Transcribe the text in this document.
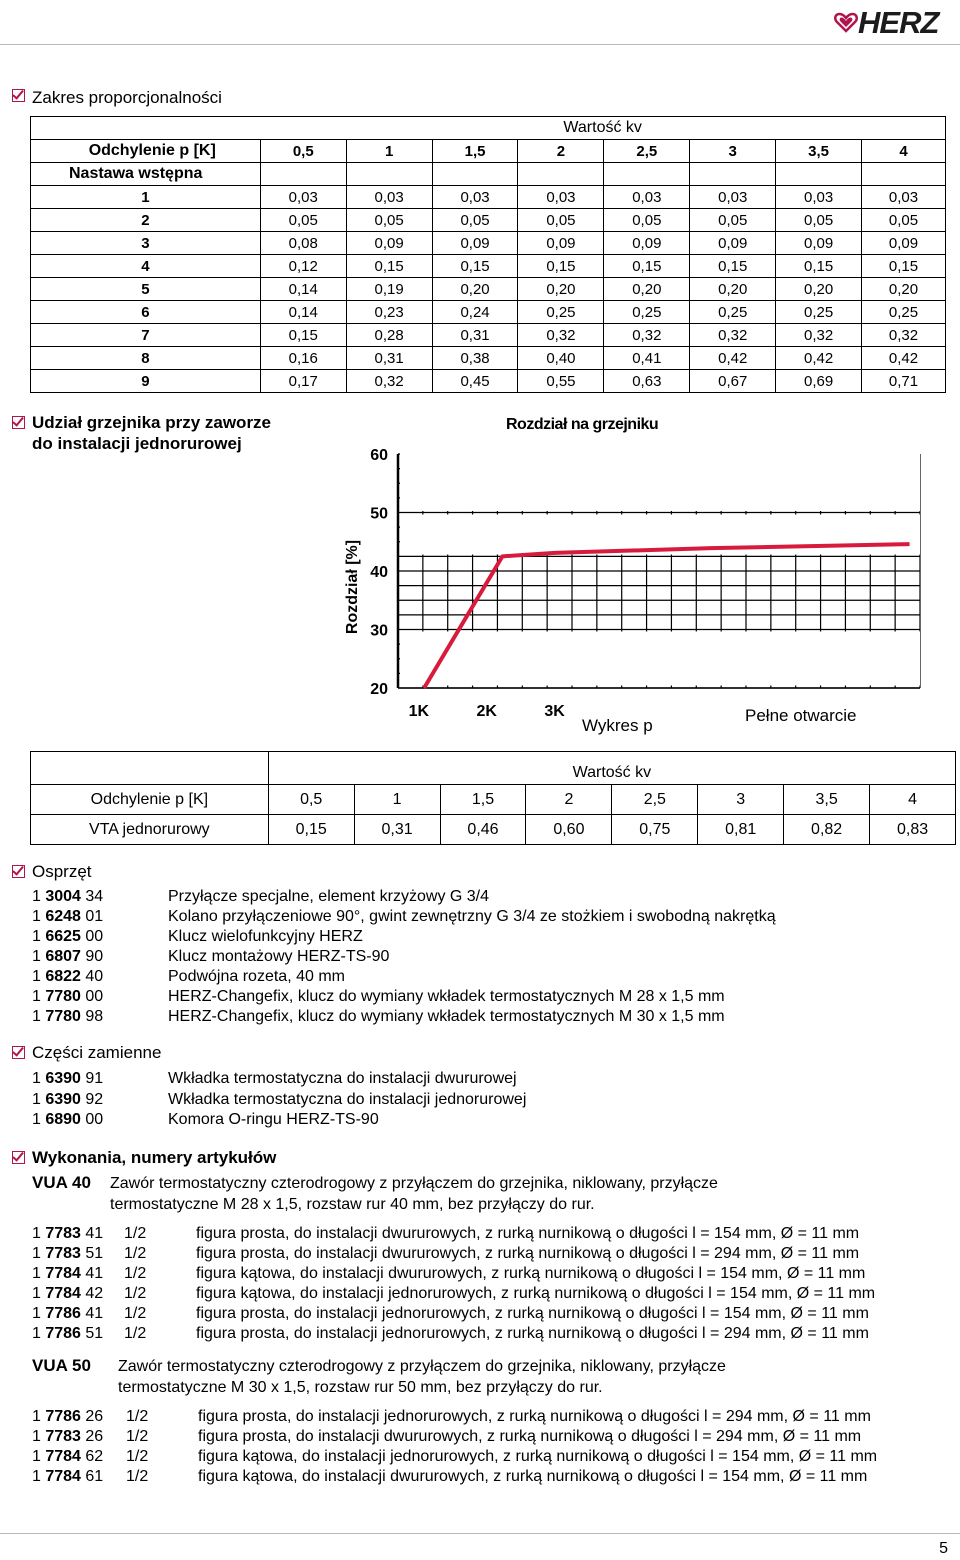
HERZ
Zakres proporcjonalności
	Wartość kv							
Odchylenie p [K]	0,5	1	1,5	2	2,5	3	3,5	4
Nastawa wstępna								
1	0,03	0,03	0,03	0,03	0,03	0,03	0,03	0,03
2	0,05	0,05	0,05	0,05	0,05	0,05	0,05	0,05
3	0,08	0,09	0,09	0,09	0,09	0,09	0,09	0,09
4	0,12	0,15	0,15	0,15	0,15	0,15	0,15	0,15
5	0,14	0,19	0,20	0,20	0,20	0,20	0,20	0,20
6	0,14	0,23	0,24	0,25	0,25	0,25	0,25	0,25
7	0,15	0,28	0,31	0,32	0,32	0,32	0,32	0,32
8	0,16	0,31	0,38	0,40	0,41	0,42	0,42	0,42
9	0,17	0,32	0,45	0,55	0,63	0,67	0,69	0,71
Udział grzejnika przy zaworze
do instalacji jednorurowej
Rozdział na grzejniku
60
50
40
30
20
1K	2K	3K
Rozdział [%]
Wykres p
Pełne otwarcie
	Wartość kv							
Odchylenie p [K]	0,5	1	1,5	2	2,5	3	3,5	4
VTA jednorurowy	0,15	0,31	0,46	0,60	0,75	0,81	0,82	0,83
Osprzęt
1 3004 34	Przyłącze specjalne, element krzyżowy G 3/4
1 6248 01	Kolano przyłączeniowe 90°, gwint zewnętrzny G 3/4 ze stożkiem i swobodną nakrętką
1 6625 00	Klucz wielofunkcyjny HERZ
1 6807 90	Klucz montażowy HERZ-TS-90
1 6822 40	Podwójna rozeta, 40 mm
1 7780 00	HERZ-Changefix, klucz do wymiany wkładek termostatycznych M 28 x 1,5 mm
1 7780 98	HERZ-Changefix, klucz do wymiany wkładek termostatycznych M 30 x 1,5 mm
Części zamienne
1 6390 91	Wkładka termostatyczna do instalacji dwururowej
1 6390 92	Wkładka termostatyczna do instalacji jednorurowej
1 6890 00	Komora O-ringu HERZ-TS-90
Wykonania, numery artykułów
VUA 40 Zawór termostatyczny czterodrogowy z przyłączem do grzejnika, niklowany, przyłącze
termostatyczne M 28 x 1,5, rozstaw rur 40 mm, bez przyłączy do rur.
1 7783 41 1/2	figura prosta, do instalacji dwururowych, z rurką nurnikową o długości l = 154 mm, Ø = 11 mm
1 7783 51 1/2	figura prosta, do instalacji dwururowych, z rurką nurnikową o długości l = 294 mm, Ø = 11 mm
1 7784 41 1/2	figura kątowa, do instalacji dwururowych, z rurką nurnikową o długości l = 154 mm, Ø = 11 mm
1 7784 42 1/2	figura kątowa, do instalacji jednorurowych, z rurką nurnikową o długości l = 154 mm, Ø = 11 mm
1 7786 41 1/2	figura prosta, do instalacji jednorurowych, z rurką nurnikową o długości l = 154 mm, Ø = 11 mm
1 7786 51 1/2	figura prosta, do instalacji jednorurowych, z rurką nurnikową o długości l = 294 mm, Ø = 11 mm
VUA 50 Zawór termostatyczny czterodrogowy z przyłączem do grzejnika, niklowany, przyłącze
termostatyczne M 30 x 1,5, rozstaw rur 50 mm, bez przyłączy do rur.
1 7786 26 1/2	figura prosta, do instalacji jednorurowych, z rurką nurnikową o długości l = 294 mm, Ø = 11 mm
1 7783 26 1/2	figura prosta, do instalacji dwururowych, z rurką nurnikową o długości l = 294 mm, Ø = 11 mm
1 7784 62 1/2	figura kątowa, do instalacji jednorurowych, z rurką nurnikową o długości l = 154 mm, Ø = 11 mm
1 7784 61 1/2	figura kątowa, do instalacji dwururowych, z rurką nurnikową o długości l = 154 mm, Ø = 11 mm
5
